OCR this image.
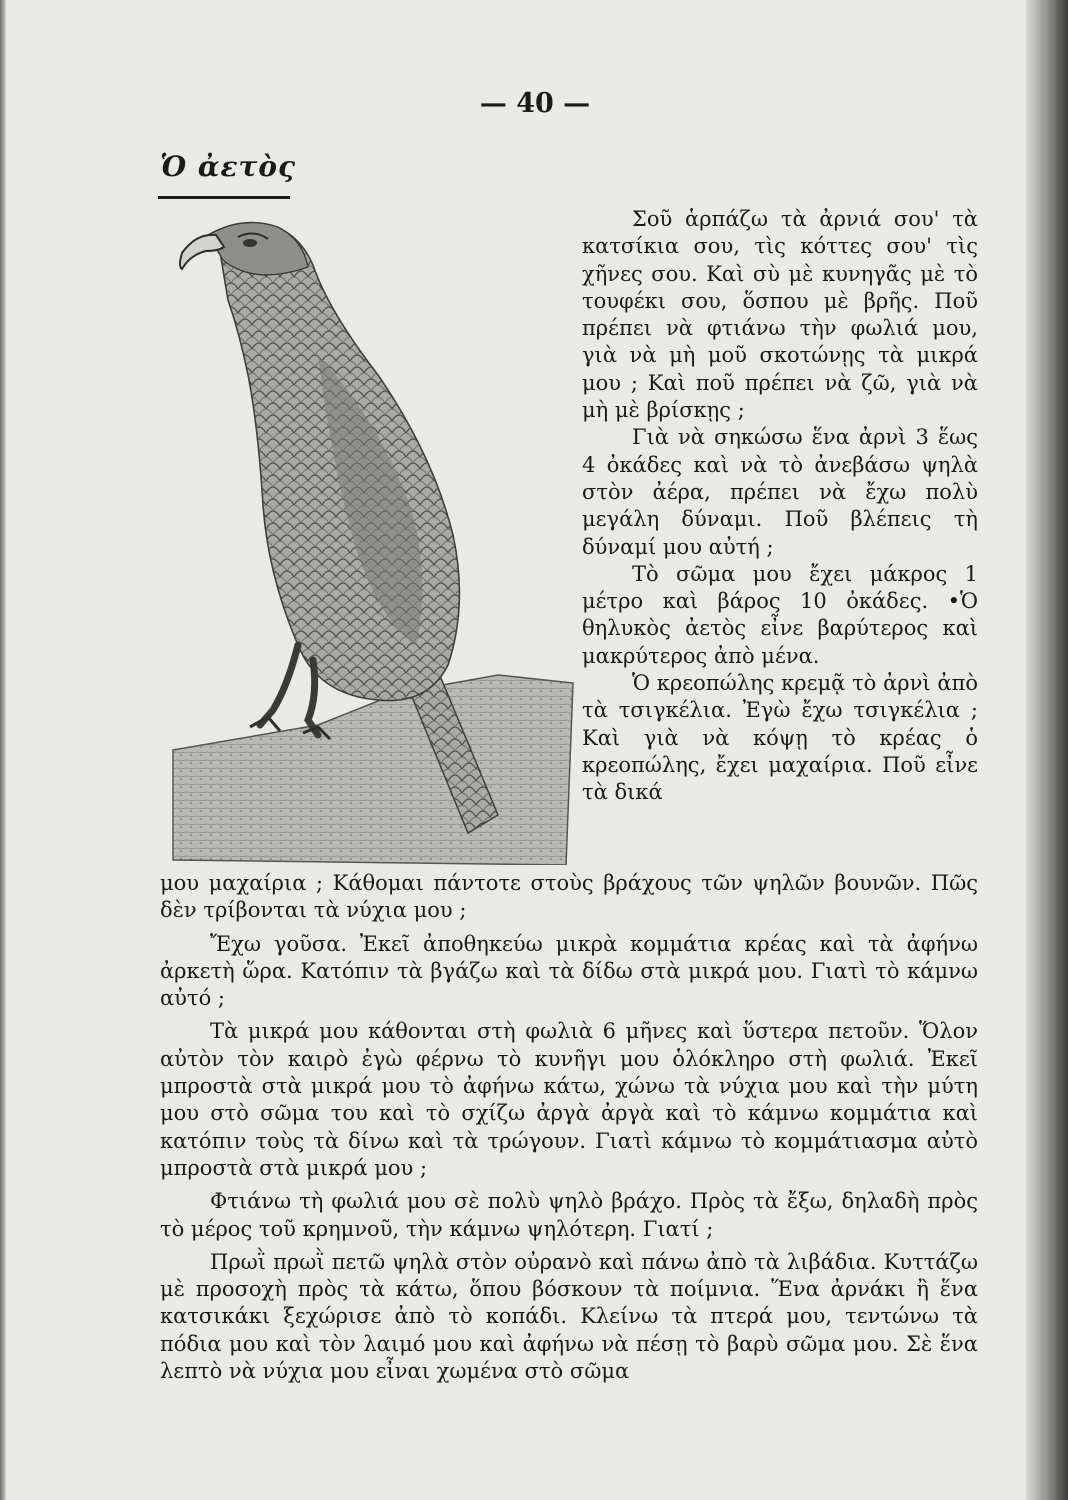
— 40 —
Ὁ ἀετὸς

Σοῦ ἁρπάζω τὰ ἀρνιά σου' τὰ κατσίκια σου, τὶς κόττες σου' τὶς χῆνες σου. Καὶ σὺ μὲ κυνηγᾶς μὲ τὸ τουφέκι σου, ὅσπου μὲ βρῆς. Ποῦ πρέπει νὰ φτιάνω τὴν φωλιά μου, γιὰ νὰ μὴ μοῦ σκοτώνῃς τὰ μικρά μου ; Καὶ ποῦ πρέπει νὰ ζῶ, γιὰ νὰ μὴ μὲ βρίσκῃς ;

Γιὰ νὰ σηκώσω ἕνα ἀρνὶ 3 ἕως 4 ὀκάδες καὶ νὰ τὸ ἀνεβάσω ψηλὰ στὸν ἀέρα, πρέπει νὰ ἔχω πολὺ μεγάλη δύναμι. Ποῦ βλέπεις τὴ δύναμί μου αὐτή ;

Τὸ σῶμα μου ἔχει μάκρος 1 μέτρο καὶ βάρος 10 ὀκάδες. •Ὁ θηλυκὸς ἀετὸς εἶνε βαρύτερος καὶ μακρύτερος ἀπὸ μένα.

Ὁ κρεοπώλης κρεμᾷ τὸ ἀρνὶ ἀπὸ τὰ τσιγκέλια. Ἐγὼ ἔχω τσιγκέλια ; Καὶ γιὰ νὰ κόψῃ τὸ κρέας ὁ κρεοπώλης, ἔχει μαχαίρια. Ποῦ εἶνε τὰ δικά

μου μαχαίρια ; Κάθομαι πάντοτε στοὺς βράχους τῶν ψηλῶν βουνῶν. Πῶς δὲν τρίβονται τὰ νύχια μου ;

Ἔχω γοῦσα. Ἐκεῖ ἀποθηκεύω μικρὰ κομμάτια κρέας καὶ τὰ ἀφήνω ἀρκετὴ ὥρα. Κατόπιν τὰ βγάζω καὶ τὰ δίδω στὰ μικρά μου. Γιατὶ τὸ κάμνω αὐτό ;

Τὰ μικρά μου κάθονται στὴ φωλιὰ 6 μῆνες καὶ ὕστερα πετοῦν. Ὅλον αὐτὸν τὸν καιρὸ ἐγὼ φέρνω τὸ κυνῆγι μου ὁλόκληρο στὴ φωλιά. Ἐκεῖ μπροστὰ στὰ μικρά μου τὸ ἀφήνω κάτω, χώνω τὰ νύχια μου καὶ τὴν μύτη μου στὸ σῶμα του καὶ τὸ σχίζω ἀργὰ ἀργὰ καὶ τὸ κάμνω κομμάτια καὶ κατόπιν τοὺς τὰ δίνω καὶ τὰ τρώγουν. Γιατὶ κάμνω τὸ κομμάτιασμα αὐτὸ μπροστὰ στὰ μικρά μου ;

Φτιάνω τὴ φωλιά μου σὲ πολὺ ψηλὸ βράχο. Πρὸς τὰ ἔξω, δηλαδὴ πρὸς τὸ μέρος τοῦ κρημνοῦ, τὴν κάμνω ψηλότερη. Γιατί ;

Πρωῒ πρωῒ πετῶ ψηλὰ στὸν οὐρανὸ καὶ πάνω ἀπὸ τὰ λιβάδια. Κυττάζω μὲ προσοχὴ πρὸς τὰ κάτω, ὅπου βόσκουν τὰ ποίμνια. Ἕνα ἀρνάκι ἢ ἕνα κατσικάκι ξεχώρισε ἀπὸ τὸ κοπάδι. Κλείνω τὰ πτερά μου, τεντώνω τὰ πόδια μου καὶ τὸν λαιμό μου καὶ ἀφήνω νὰ πέσῃ τὸ βαρὺ σῶμα μου. Σὲ ἕνα λεπτὸ νὰ νύχια μου εἶναι χωμένα στὸ σῶμα
